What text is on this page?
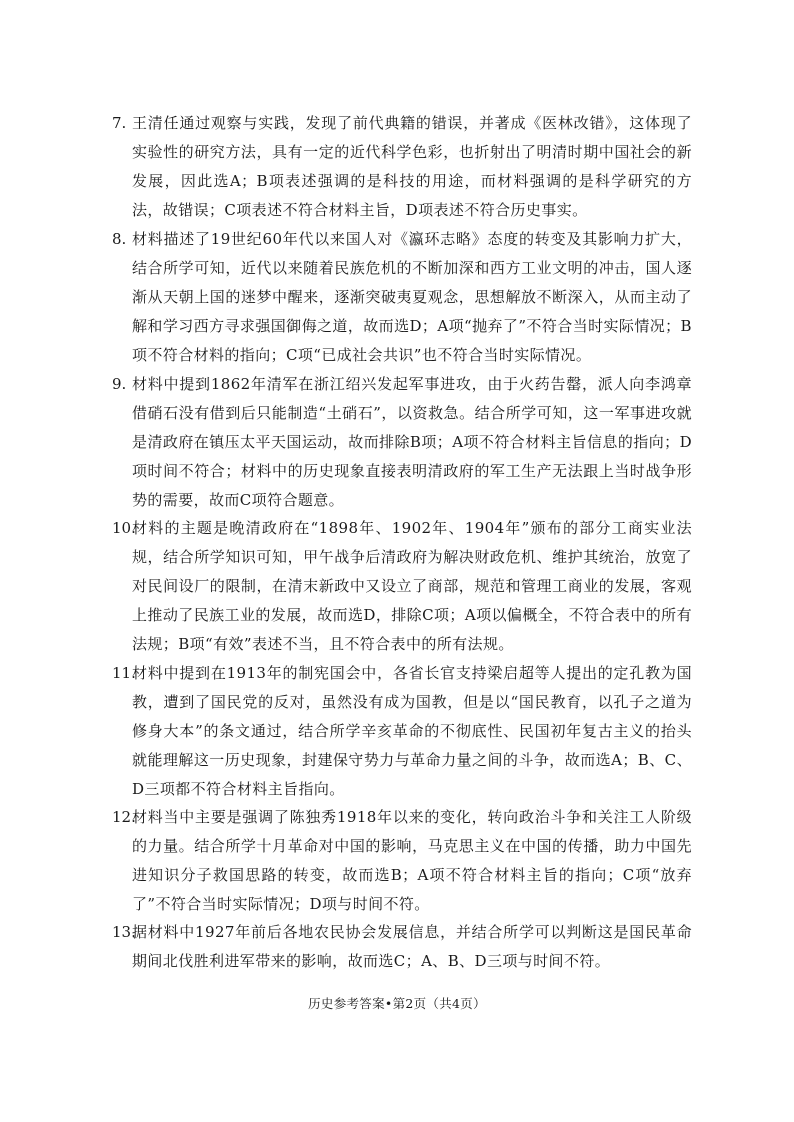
7. 王清任通过观察与实践，发现了前代典籍的错误，并著成《医林改错》，这体现了实验性的研究方法，具有一定的近代科学色彩，也折射出了明清时期中国社会的新发展，因此选A；B项表述强调的是科技的用途，而材料强调的是科学研究的方法，故错误；C项表述不符合材料主旨，D项表述不符合历史事实。
8. 材料描述了19世纪60年代以来国人对《瀛环志略》态度的转变及其影响力扩大，结合所学可知，近代以来随着民族危机的不断加深和西方工业文明的冲击，国人逐渐从天朝上国的迷梦中醒来，逐渐突破夷夏观念，思想解放不断深入，从而主动了解和学习西方寻求强国御侮之道，故而选D；A项“抛弃了”不符合当时实际情况；B项不符合材料的指向；C项“已成社会共识”也不符合当时实际情况。
9. 材料中提到1862年清军在浙江绍兴发起军事进攻，由于火药告罄，派人向李鸿章借硝石没有借到后只能制造“土硝石”，以资救急。结合所学可知，这一军事进攻就是清政府在镇压太平天国运动，故而排除B项；A项不符合材料主旨信息的指向；D项时间不符合；材料中的历史现象直接表明清政府的军工生产无法跟上当时战争形势的需要，故而C项符合题意。
10.
材料的主题是晚清政府在“1898年、1902年、1904年”颁布的部分工商实业法规，结合所学知识可知，甲午战争后清政府为解决财政危机、维护其统治，放宽了对民间设厂的限制，在清末新政中又设立了商部，规范和管理工商业的发展，客观上推动了民族工业的发展，故而选D，排除C项；A项以偏概全，不符合表中的所有法规；B项“有效”表述不当，且不符合表中的所有法规。
11.
材料中提到在1913年的制宪国会中，各省长官支持梁启超等人提出的定孔教为国教，遭到了国民党的反对，虽然没有成为国教，但是以“国民教育，以孔子之道为修身大本”的条文通过，结合所学辛亥革命的不彻底性、民国初年复古主义的抬头就能理解这一历史现象，封建保守势力与革命力量之间的斗争，故而选A；B、C、D三项都不符合材料主旨指向。
12.
材料当中主要是强调了陈独秀1918年以来的变化，转向政治斗争和关注工人阶级的力量。结合所学十月革命对中国的影响，马克思主义在中国的传播，助力中国先进知识分子救国思路的转变，故而选B；A项不符合材料主旨的指向；C项“放弃了”不符合当时实际情况；D项与时间不符。
13.
据材料中1927年前后各地农民协会发展信息，并结合所学可以判断这是国民革命期间北伐胜利进军带来的影响，故而选C；A、B、D三项与时间不符。
历史参考答案•第2页（共4页）
